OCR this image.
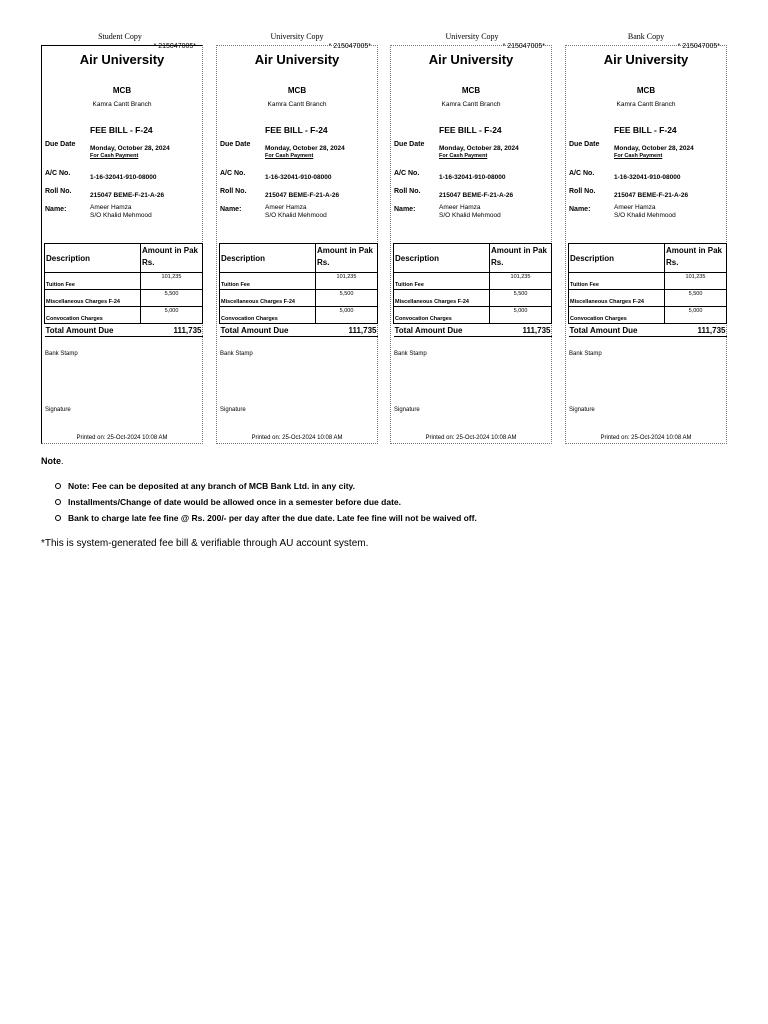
Student Copy
* 215047005*
Air University
MCB
Kamra Cantt Branch
FEE BILL - F-24
Due Date
Monday, October 28, 2024
For Cash Payment
A/C No.
1-16-32041-910-08000
Roll No.
215047 BEME-F-21-A-26
Name:	Ameer Hamza
S/O Khalid Mehmood
Description	Amount in Pak Rs.
Tuition Fee	101,235
Miscellaneous Charges F-24	5,500
Convocation Charges	5,000
Total Amount Due	111,735
Bank Stamp
Signature
Printed on: 25-Oct-2024 10:08 AM
University Copy
* 215047005*
Air University
MCB
Kamra Cantt Branch
FEE BILL - F-24
Due Date
Monday, October 28, 2024
For Cash Payment
A/C No.
1-16-32041-910-08000
Roll No.
215047 BEME-F-21-A-26
Name:	Ameer Hamza
S/O Khalid Mehmood
Description	Amount in Pak Rs.
Tuition Fee	101,235
Miscellaneous Charges F-24	5,500
Convocation Charges	5,000
Total Amount Due	111,735
Bank Stamp
Signature
Printed on: 25-Oct-2024 10:08 AM
University Copy
* 215047005*
Air University
MCB
Kamra Cantt Branch
FEE BILL - F-24
Due Date
Monday, October 28, 2024
For Cash Payment
A/C No.
1-16-32041-910-08000
Roll No.
215047 BEME-F-21-A-26
Name:	Ameer Hamza
S/O Khalid Mehmood
Description	Amount in Pak Rs.
Tuition Fee	101,235
Miscellaneous Charges F-24	5,500
Convocation Charges	5,000
Total Amount Due	111,735
Bank Stamp
Signature
Printed on: 25-Oct-2024 10:08 AM
Bank Copy
* 215047005*
Air University
MCB
Kamra Cantt Branch
FEE BILL - F-24
Due Date
Monday, October 28, 2024
For Cash Payment
A/C No.
1-16-32041-910-08000
Roll No.
215047 BEME-F-21-A-26
Name:	Ameer Hamza
S/O Khalid Mehmood
Description	Amount in Pak Rs.
Tuition Fee	101,235
Miscellaneous Charges F-24	5,500
Convocation Charges	5,000
Total Amount Due	111,735
Bank Stamp
Signature
Printed on: 25-Oct-2024 10:08 AM
Note.
Note: Fee can be deposited at any branch of MCB Bank Ltd. in any city.
Installments/Change of date would be allowed once in a semester before due date.
Bank to charge late fee fine @ Rs. 200/- per day after the due date. Late fee fine will not be waived off.
*This is system-generated fee bill & verifiable through AU account system.
